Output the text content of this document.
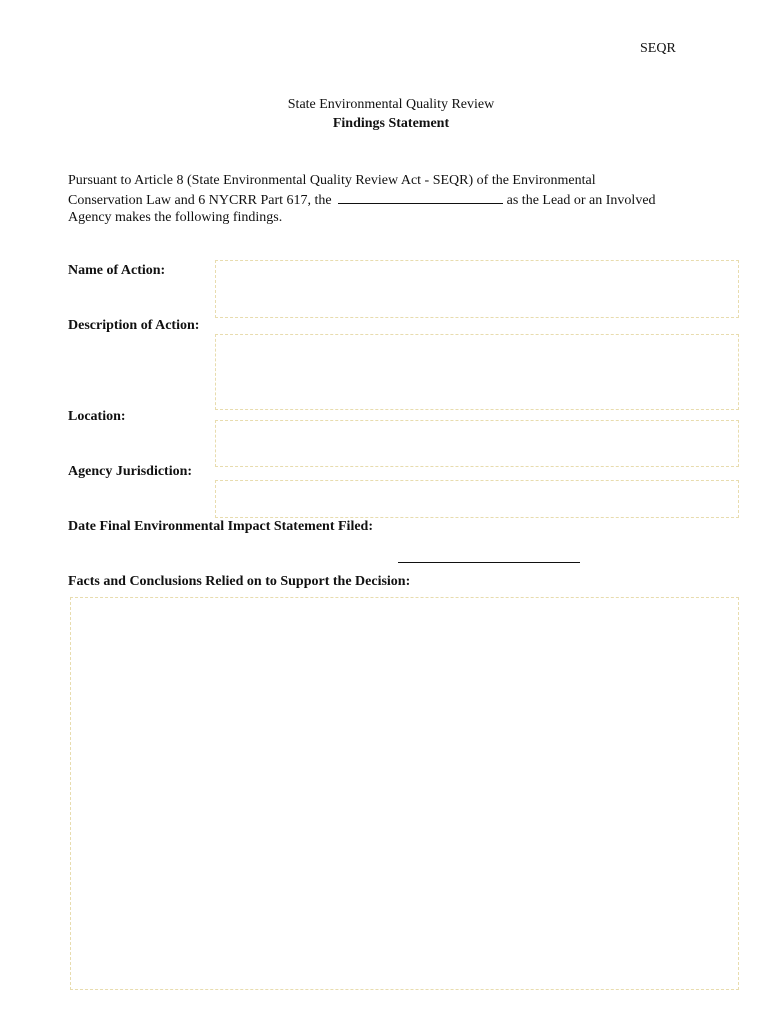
SEQR
State Environmental Quality Review
Findings Statement
Pursuant to Article 8 (State Environmental Quality Review Act - SEQR) of the Environmental
Conservation Law and 6 NYCRR Part 617, the	as the Lead or an Involved
Agency makes the following findings.
Name of Action:
Description of Action:
Location:
Agency Jurisdiction:
Date Final Environmental Impact Statement Filed:
Facts and Conclusions Relied on to Support the Decision:
